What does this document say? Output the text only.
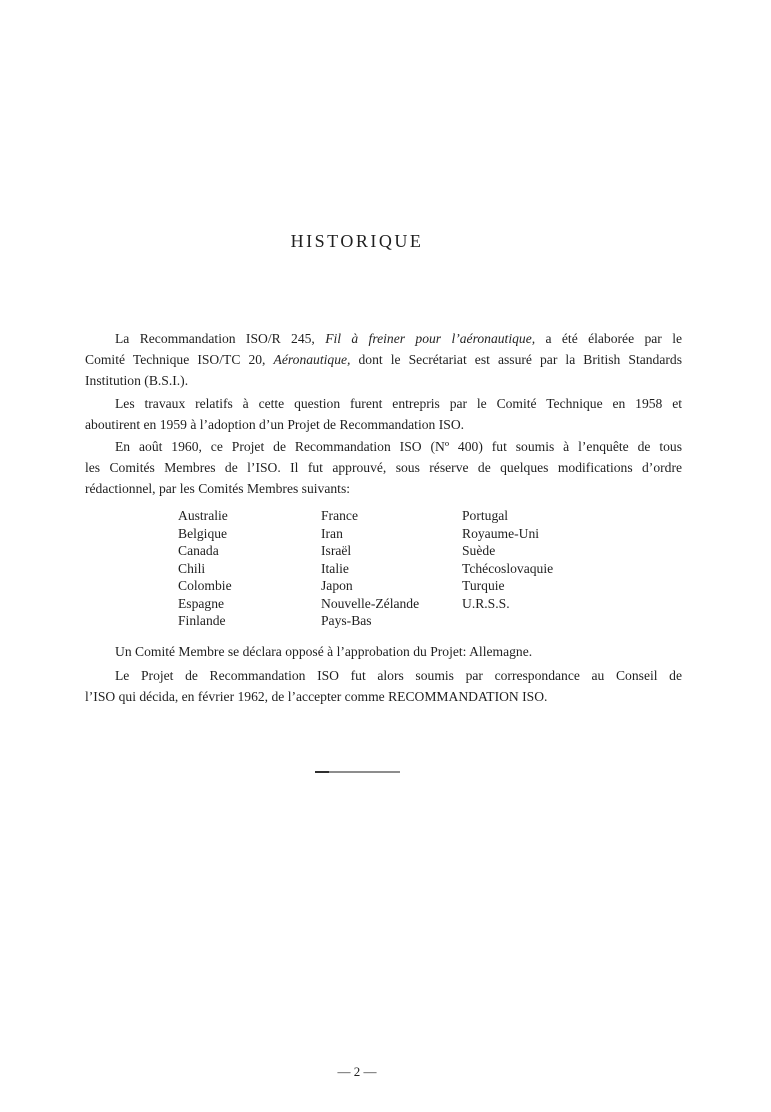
HISTORIQUE
La Recommandation ISO/R 245, Fil à freiner pour l’aéronautique, a été élaborée par le
Comité Technique ISO/TC 20, Aéronautique, dont le Secrétariat est assuré par la British Standards
Institution (B.S.I.).
Les travaux relatifs à cette question furent entrepris par le Comité Technique en 1958 et
aboutirent en 1959 à l’adoption d’un Projet de Recommandation ISO.
En août 1960, ce Projet de Recommandation ISO (Nº 400) fut soumis à l’enquête de tous
les Comités Membres de l’ISO. Il fut approuvé, sous réserve de quelques modifications d’ordre
rédactionnel, par les Comités Membres suivants:
Australie
Belgique
Canada
Chili
Colombie
Espagne
Finlande
France
Iran
Israël
Italie
Japon
Nouvelle-Zélande
Pays-Bas
Portugal
Royaume-Uni
Suède
Tchécoslovaquie
Turquie
U.R.S.S.
Un Comité Membre se déclara opposé à l’approbation du Projet: Allemagne.
Le Projet de Recommandation ISO fut alors soumis par correspondance au Conseil de
l’ISO qui décida, en février 1962, de l’accepter comme RECOMMANDATION ISO.
— 2 —
